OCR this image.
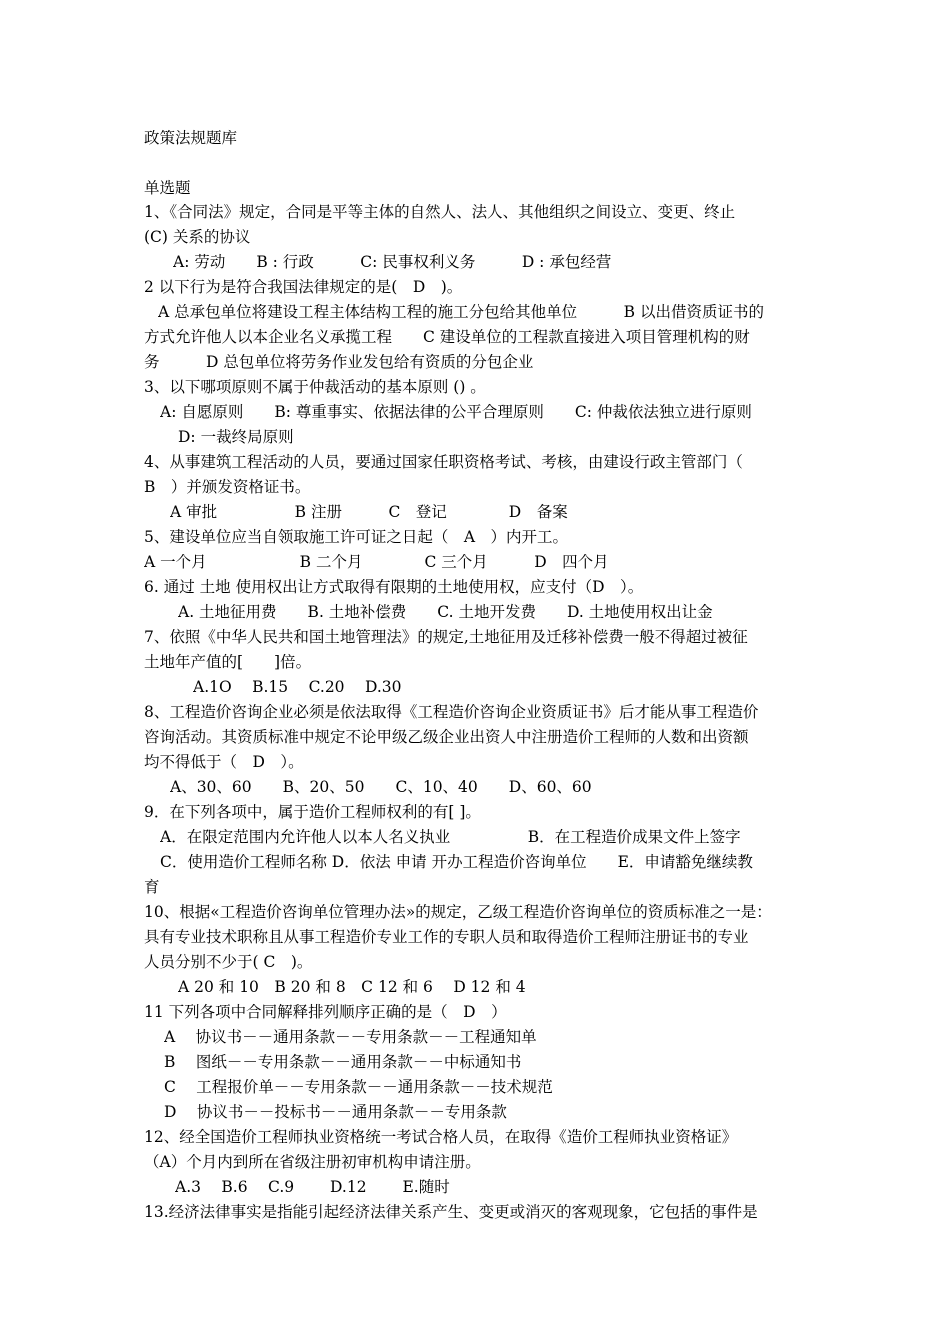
政策法规题库
单选题
1、《合同法》规定，合同是平等主体的自然人、法人、其他组织之间设立、变更、终止
(C) 关系的协议
A: 劳动　　B : 行政　　　C: 民事权利义务　　　D : 承包经营
2 以下行为是符合我国法律规定的是(　D　)。
A 总承包单位将建设工程主体结构工程的施工分包给其他单位　　　B 以出借资质证书的
方式允许他人以本企业名义承揽工程　　C 建设单位的工程款直接进入项目管理机构的财
务　　　D 总包单位将劳务作业发包给有资质的分包企业
3、以下哪项原则不属于仲裁活动的基本原则 () 。
A: 自愿原则　　B: 尊重事实、依据法律的公平合理原则　　C: 仲裁依法独立进行原则
D: 一裁终局原则
4、从事建筑工程活动的人员，要通过国家任职资格考试、考核，由建设行政主管部门（
B　）并颁发资格证书。
A 审批　　　　　B 注册　　　C　登记　　　　D　备案
5、建设单位应当自领取施工许可证之日起（　A　）内开工。
A 一个月　　　　　　B 二个月　　　　C 三个月　　　D　四个月
6. 通过 土地 使用权出让方式取得有限期的土地使用权，应支付（D　）。
A. 土地征用费　　B. 土地补偿费　　C. 土地开发费　　D. 土地使用权出让金
7、依照《中华人民共和国土地管理法》的规定,土地征用及迁移补偿费一般不得超过被征
土地年产值的[　　]倍。
A.1O　 B.15　 C.20　 D.30
8、工程造价咨询企业必须是依法取得《工程造价咨询企业资质证书》后才能从事工程造价
咨询活动。其资质标准中规定不论甲级乙级企业出资人中注册造价工程师的人数和出资额
均不得低于（　D　）。
A、30、60　　B、20、50　　C、10、40　　D、60、60
9．在下列各项中，属于造价工程师权利的有[ ]。
A．在限定范围内允许他人以本人名义执业　　　　　B．在工程造价成果文件上签字
C．使用造价工程师名称 D．依法 申请 开办工程造价咨询单位　　E．申请豁免继续教
育
10、根据«工程造价咨询单位管理办法»的规定，乙级工程造价咨询单位的资质标准之一是：
具有专业技术职称且从事工程造价专业工作的专职人员和取得造价工程师注册证书的专业
人员分别不少于( C　)。
A 20 和 10　B 20 和 8　C 12 和 6　 D 12 和 4
11 下列各项中合同解释排列顺序正确的是（　D　）
A　 协议书－－通用条款－－专用条款－－工程通知单
B　 图纸－－专用条款－－通用条款－－中标通知书
C　 工程报价单－－专用条款－－通用条款－－技术规范
D　 协议书－－投标书－－通用条款－－专用条款
12、经全国造价工程师执业资格统一考试合格人员，在取得《造价工程师执业资格证》
（A）个月内到所在省级注册初审机构申请注册。
A.3　 B.6　 C.9　　 D.12　　 E.随时
13.经济法律事实是指能引起经济法律关系产生、变更或消灭的客观现象，它包括的事件是
